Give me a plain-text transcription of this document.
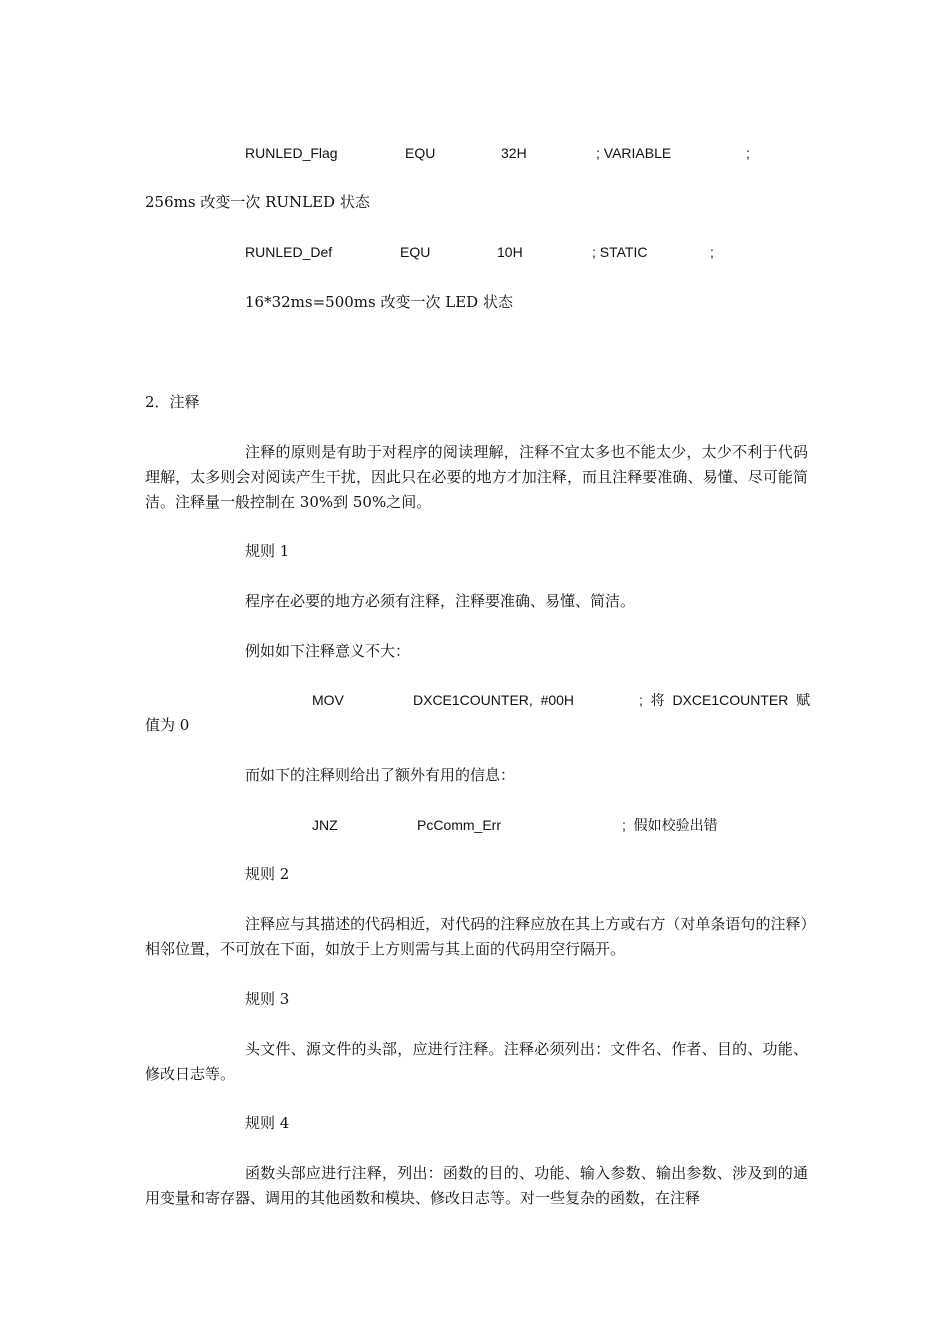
RUNLED_Flag	EQU	32H	; VARIABLE	;
256ms 改变一次 RUNLED 状态
RUNLED_Def	EQU	10H	; STATIC	;
16*32ms=500ms 改变一次 LED 状态
2．注释
注释的原则是有助于对程序的阅读理解，注释不宜太多也不能太少，太少不利于代码理解，太多则会对阅读产生干扰，因此只在必要的地方才加注释，而且注释要准确、易懂、尽可能简洁。注释量一般控制在 30%到 50%之间。
规则 1
程序在必要的地方必须有注释，注释要准确、易懂、简洁。
例如如下注释意义不大：
MOV	DXCE1COUNTER,  #00H	;  将  DXCE1COUNTER  赋
值为 0
而如下的注释则给出了额外有用的信息：
JNZ	PcComm_Err	;  假如校验出错
规则 2
注释应与其描述的代码相近，对代码的注释应放在其上方或右方（对单条语句的注释）相邻位置，不可放在下面，如放于上方则需与其上面的代码用空行隔开。
规则 3
头文件、源文件的头部，应进行注释。注释必须列出：文件名、作者、目的、功能、修改日志等。
规则 4
函数头部应进行注释，列出：函数的目的、功能、输入参数、输出参数、涉及到的通用变量和寄存器、调用的其他函数和模块、修改日志等。对一些复杂的函数，在注释
